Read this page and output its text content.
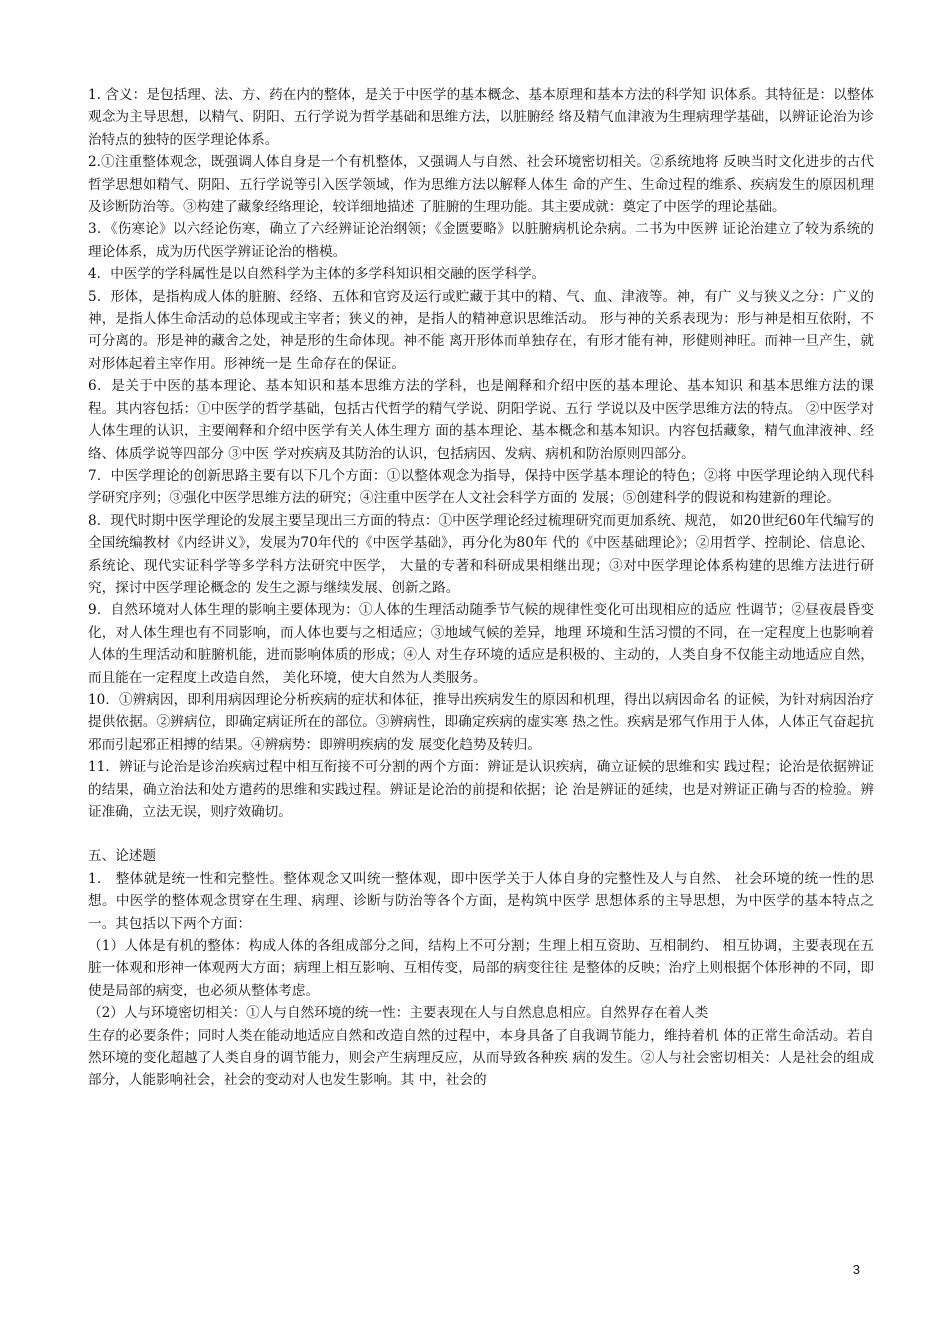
1. 含义：是包括理、法、方、药在内的整体，是关于中医学的基本概念、基本原理和基本方法的科学知 识体系。其特征是：以整体观念为主导思想，以精气、阴阳、五行学说为哲学基础和思维方法，以脏腑经 络及精气血津液为生理病理学基础，以辨证论治为诊治特点的独特的医学理论体系。

2.①注重整体观念，既强调人体自身是一个有机整体，又强调人与自然、社会环境密切相关。②系统地将 反映当时文化进步的古代哲学思想如精气、阴阳、五行学说等引入医学领域，作为思维方法以解释人体生 命的产生、生命过程的维系、疾病发生的原因机理及诊断防治等。③构建了藏象经络理论，较详细地描述 了脏腑的生理功能。其主要成就：奠定了中医学的理论基础。

3．《伤寒论》以六经论伤寒，确立了六经辨证论治纲领；《金匮要略》以脏腑病机论杂病。二书为中医辨 证论治建立了较为系统的理论体系，成为历代医学辨证论治的楷模。

4．中医学的学科属性是以自然科学为主体的多学科知识相交融的医学科学。

5．形体，是指构成人体的脏腑、经络、五体和官窍及运行或贮藏于其中的精、气、血、津液等。神，有广 义与狭义之分：广义的神，是指人体生命活动的总体现或主宰者；狭义的神，是指人的精神意识思维活动。 形与神的关系表现为：形与神是相互依附，不可分离的。形是神的藏舍之处，神是形的生命体现。神不能 离开形体而单独存在，有形才能有神，形健则神旺。而神一旦产生，就对形体起着主宰作用。形神统一是 生命存在的保证。

6．是关于中医的基本理论、基本知识和基本思维方法的学科，也是阐释和介绍中医的基本理论、基本知识 和基本思维方法的课程。其内容包括：①中医学的哲学基础，包括古代哲学的精气学说、阴阳学说、五行 学说以及中医学思维方法的特点。 ②中医学对人体生理的认识，主要阐释和介绍中医学有关人体生理方 面的基本理论、基本概念和基本知识。内容包括藏象，精气血津液神、经络、体质学说等四部分 ③中医 学对疾病及其防治的认识，包括病因、发病、病机和防治原则四部分。

7．中医学理论的创新思路主要有以下几个方面：①以整体观念为指导，保持中医学基本理论的特色；②将 中医学理论纳入现代科学研究序列；③强化中医学思维方法的研究；④注重中医学在人文社会科学方面的 发展；⑤创建科学的假说和构建新的理论。

8．现代时期中医学理论的发展主要呈现出三方面的特点：①中医学理论经过梳理研究而更加系统、规范， 如20世纪60年代编写的全国统编教材《内经讲义》，发展为70年代的《中医学基础》，再分化为80年 代的《中医基础理论》；②用哲学、控制论、信息论、系统论、现代实证科学等多学科方法研究中医学， 大量的专著和科研成果相继出现；③对中医学理论体系构建的思维方法进行研究，探讨中医学理论概念的 发生之源与继续发展、创新之路。

9．自然环境对人体生理的影响主要体现为：①人体的生理活动随季节气候的规律性变化可出现相应的适应 性调节；②昼夜晨昏变化，对人体生理也有不同影响，而人体也要与之相适应；③地域气候的差异，地理 环境和生活习惯的不同，在一定程度上也影响着人体的生理活动和脏腑机能，进而影响体质的形成；④人 对生存环境的适应是积极的、主动的，人类自身不仅能主动地适应自然，而且能在一定程度上改造自然， 美化环境，使大自然为人类服务。

10．①辨病因，即利用病因理论分析疾病的症状和体征，推导出疾病发生的原因和机理，得出以病因命名 的证候，为针对病因治疗提供依据。②辨病位，即确定病证所在的部位。③辨病性，即确定疾病的虚实寒 热之性。疾病是邪气作用于人体，人体正气奋起抗邪而引起邪正相搏的结果。④辨病势：即辨明疾病的发 展变化趋势及转归。

11．辨证与论治是诊治疾病过程中相互衔接不可分割的两个方面：辨证是认识疾病，确立证候的思维和实 践过程；论治是依据辨证的结果，确立治法和处方遣药的思维和实践过程。辨证是论治的前提和依据；论 治是辨证的延续，也是对辨证正确与否的检验。辨证准确，立法无误，则疗效确切。

五、论述题

1． 整体就是统一性和完整性。整体观念又叫统一整体观，即中医学关于人体自身的完整性及人与自然、 社会环境的统一性的思想。中医学的整体观念贯穿在生理、病理、诊断与防治等各个方面，是构筑中医学 思想体系的主导思想，为中医学的基本特点之一。其包括以下两个方面：

（1）人体是有机的整体：构成人体的各组成部分之间，结构上不可分割；生理上相互资助、互相制约、 相互协调，主要表现在五脏一体观和形神一体观两大方面；病理上相互影响、互相传变，局部的病变往往 是整体的反映；治疗上则根据个体形神的不同，即使是局部的病变，也必须从整体考虑。

（2）人与环境密切相关：①人与自然环境的统一性：主要表现在人与自然息息相应。自然界存在着人类

生存的必要条件；同时人类在能动地适应自然和改造自然的过程中，本身具备了自我调节能力，维持着机 体的正常生命活动。若自然环境的变化超越了人类自身的调节能力，则会产生病理反应，从而导致各种疾 病的发生。②人与社会密切相关：人是社会的组成部分，人能影响社会，社会的变动对人也发生影响。其 中，社会的

3
